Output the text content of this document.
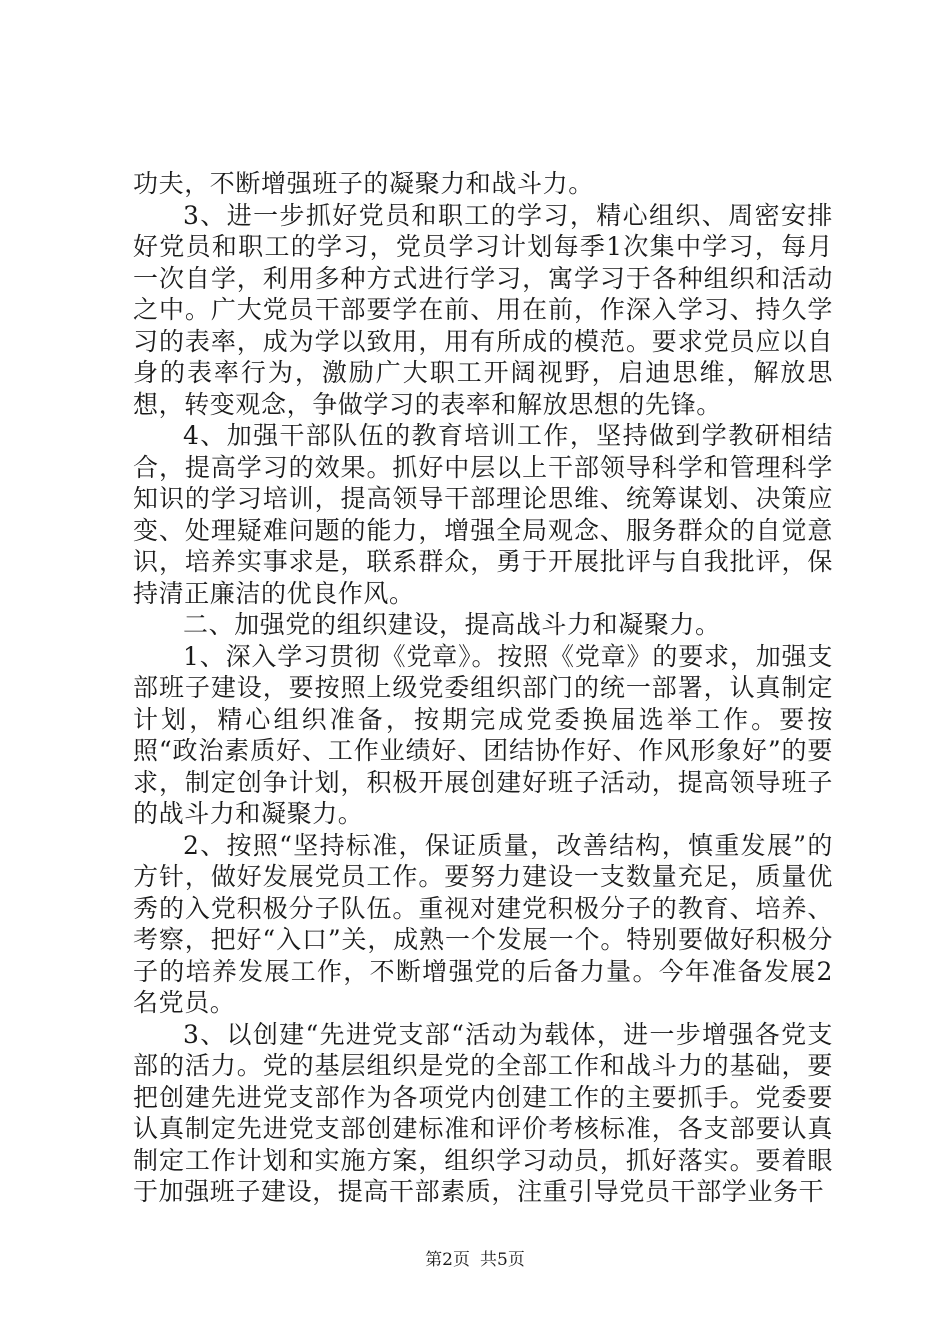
功夫，不断增强班子的凝聚力和战斗力。

3、进一步抓好党员和职工的学习，精心组织、周密安排好党员和职工的学习，党员学习计划每季1次集中学习，每月一次自学，利用多种方式进行学习，寓学习于各种组织和活动之中。广大党员干部要学在前、用在前，作深入学习、持久学习的表率，成为学以致用，用有所成的模范。要求党员应以自身的表率行为，激励广大职工开阔视野，启迪思维，解放思想，转变观念，争做学习的表率和解放思想的先锋。

4、加强干部队伍的教育培训工作，坚持做到学教研相结合，提高学习的效果。抓好中层以上干部领导科学和管理科学知识的学习培训，提高领导干部理论思维、统筹谋划、决策应变、处理疑难问题的能力，增强全局观念、服务群众的自觉意识，培养实事求是，联系群众，勇于开展批评与自我批评，保持清正廉洁的优良作风。

二、加强党的组织建设，提高战斗力和凝聚力。

1、深入学习贯彻《党章》。按照《党章》的要求，加强支部班子建设，要按照上级党委组织部门的统一部署，认真制定计划，精心组织准备，按期完成党委换届选举工作。要按照“政治素质好、工作业绩好、团结协作好、作风形象好”的要求，制定创争计划，积极开展创建好班子活动，提高领导班子的战斗力和凝聚力。

2、按照“坚持标准，保证质量，改善结构，慎重发展”的方针，做好发展党员工作。要努力建设一支数量充足，质量优秀的入党积极分子队伍。重视对建党积极分子的教育、培养、考察，把好“入口”关，成熟一个发展一个。特别要做好积极分子的培养发展工作，不断增强党的后备力量。今年准备发展2名党员。

3、以创建“先进党支部“活动为载体，进一步增强各党支部的活力。党的基层组织是党的全部工作和战斗力的基础，要把创建先进党支部作为各项党内创建工作的主要抓手。党委要认真制定先进党支部创建标准和评价考核标准，各支部要认真制定工作计划和实施方案，组织学习动员，抓好落实。要着眼于加强班子建设，提高干部素质，注重引导党员干部学业务干

第2页 共5页
